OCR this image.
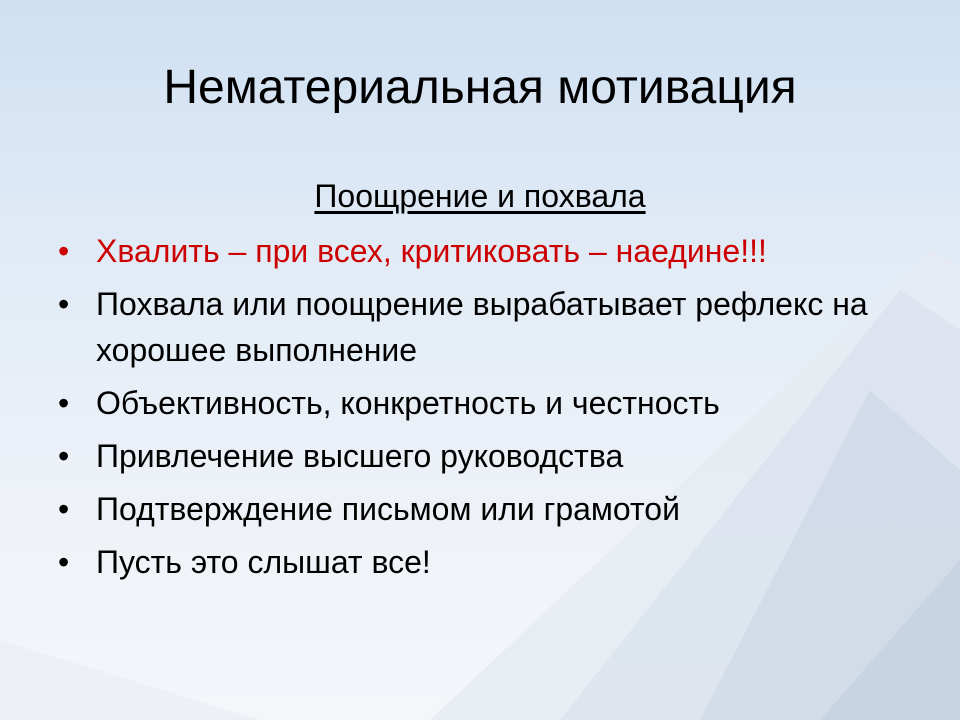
Нематериальная мотивация
Поощрение и похвала
• Хвалить – при всех, критиковать – наедине!!!
• Похвала или поощрение вырабатывает рефлекс на хорошее выполнение
• Объективность, конкретность и честность
• Привлечение высшего руководства
• Подтверждение письмом или грамотой
• Пусть это слышат все!
